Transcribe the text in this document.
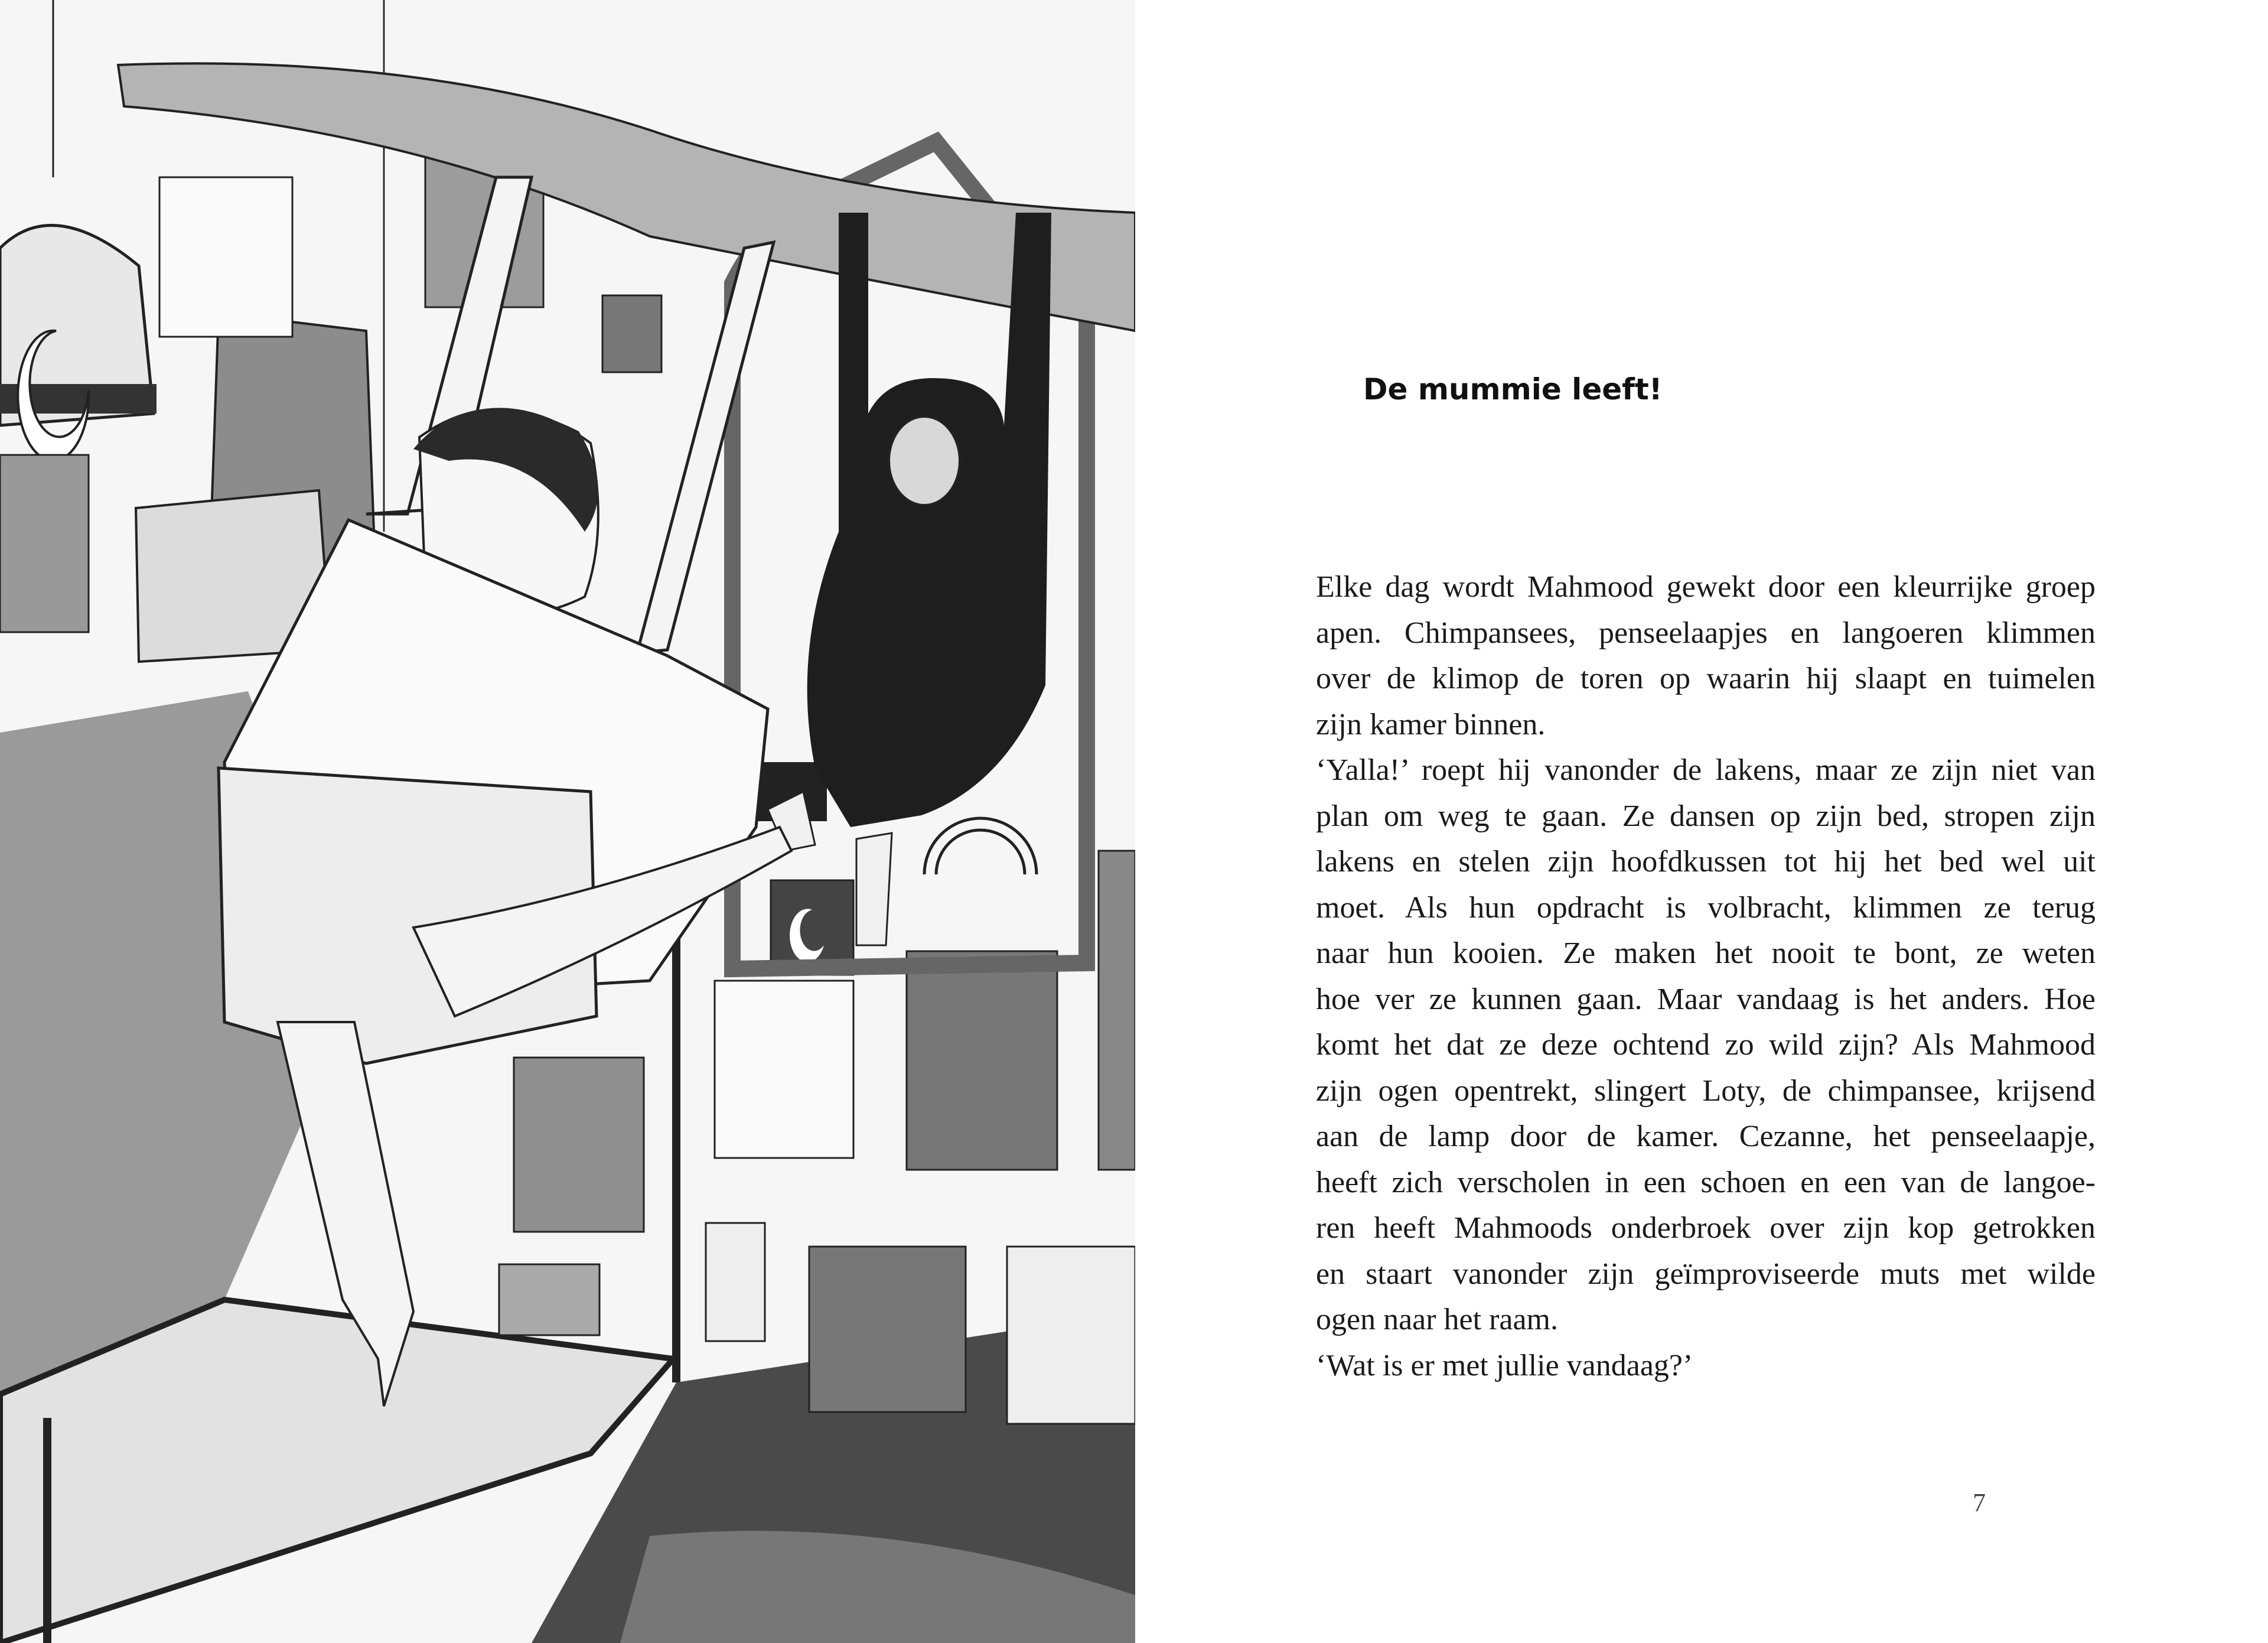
De mummie leeft!
Elke dag wordt Mahmood gewekt door een kleurrijke groep
apen. Chimpansees, penseelaapjes en langoeren klimmen
over de klimop de toren op waarin hij slaapt en tuimelen
zijn kamer binnen.
‘Yalla!’ roept hij vanonder de lakens, maar ze zijn niet van
plan om weg te gaan. Ze dansen op zijn bed, stropen zijn
lakens en stelen zijn hoofdkussen tot hij het bed wel uit
moet. Als hun opdracht is volbracht, klimmen ze terug
naar hun kooien. Ze maken het nooit te bont, ze weten
hoe ver ze kunnen gaan. Maar vandaag is het anders. Hoe
komt het dat ze deze ochtend zo wild zijn? Als Mahmood
zijn ogen opentrekt, slingert Loty, de chimpansee, krijsend
aan de lamp door de kamer. Cezanne, het penseelaapje,
heeft zich verscholen in een schoen en een van de langoe-
ren heeft Mahmoods onderbroek over zijn kop getrokken
en staart vanonder zijn geïmproviseerde muts met wilde
ogen naar het raam.
‘Wat is er met jullie vandaag?’
7
